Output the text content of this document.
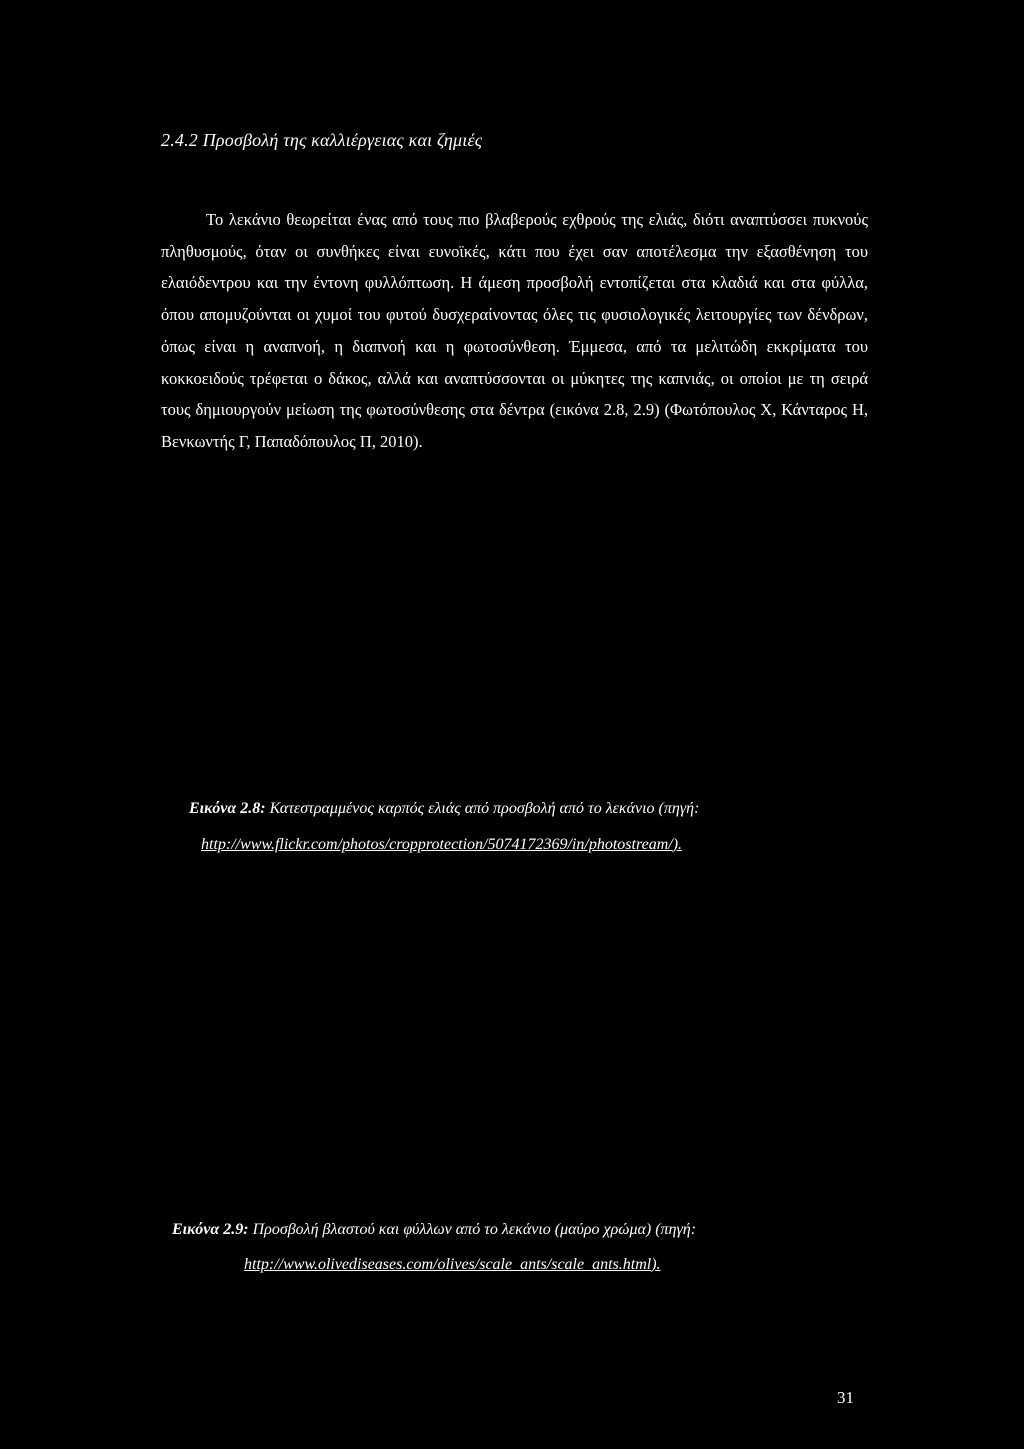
2.4.2 Προσβολή της καλλιέργειας και ζημιές

Το λεκάνιο θεωρείται ένας από τους πιο βλαβερούς εχθρούς της ελιάς, διότι αναπτύσσει πυκνούς πληθυσμούς, όταν οι συνθήκες είναι ευνοϊκές, κάτι που έχει σαν αποτέλεσμα την εξασθένηση του ελαιόδεντρου και την έντονη φυλλόπτωση. Η άμεση προσβολή εντοπίζεται στα κλαδιά και στα φύλλα, όπου απομυζούνται οι χυμοί του φυτού δυσχεραίνοντας όλες τις φυσιολογικές λειτουργίες των δένδρων, όπως είναι η αναπνοή, η διαπνοή και η φωτοσύνθεση. Έμμεσα, από τα μελιτώδη εκκρίματα του κοκκοειδούς τρέφεται ο δάκος, αλλά και αναπτύσσονται οι μύκητες της καπνιάς, οι οποίοι με τη σειρά τους δημιουργούν μείωση της φωτοσύνθεσης στα δέντρα (εικόνα 2.8, 2.9) (Φωτόπουλος Χ, Κάνταρος Η, Βενκωντής Γ, Παπαδόπουλος Π, 2010).

Εικόνα 2.8: Κατεστραμμένος καρπός ελιάς από προσβολή από το λεκάνιο (πηγή:
http://www.flickr.com/photos/cropprotection/5074172369/in/photostream/).
Εικόνα 2.9: Προσβολή βλαστού και φύλλων από το λεκάνιο (μαύρο χρώμα) (πηγή:
http://www.olivediseases.com/olives/scale_ants/scale_ants.html).
31
